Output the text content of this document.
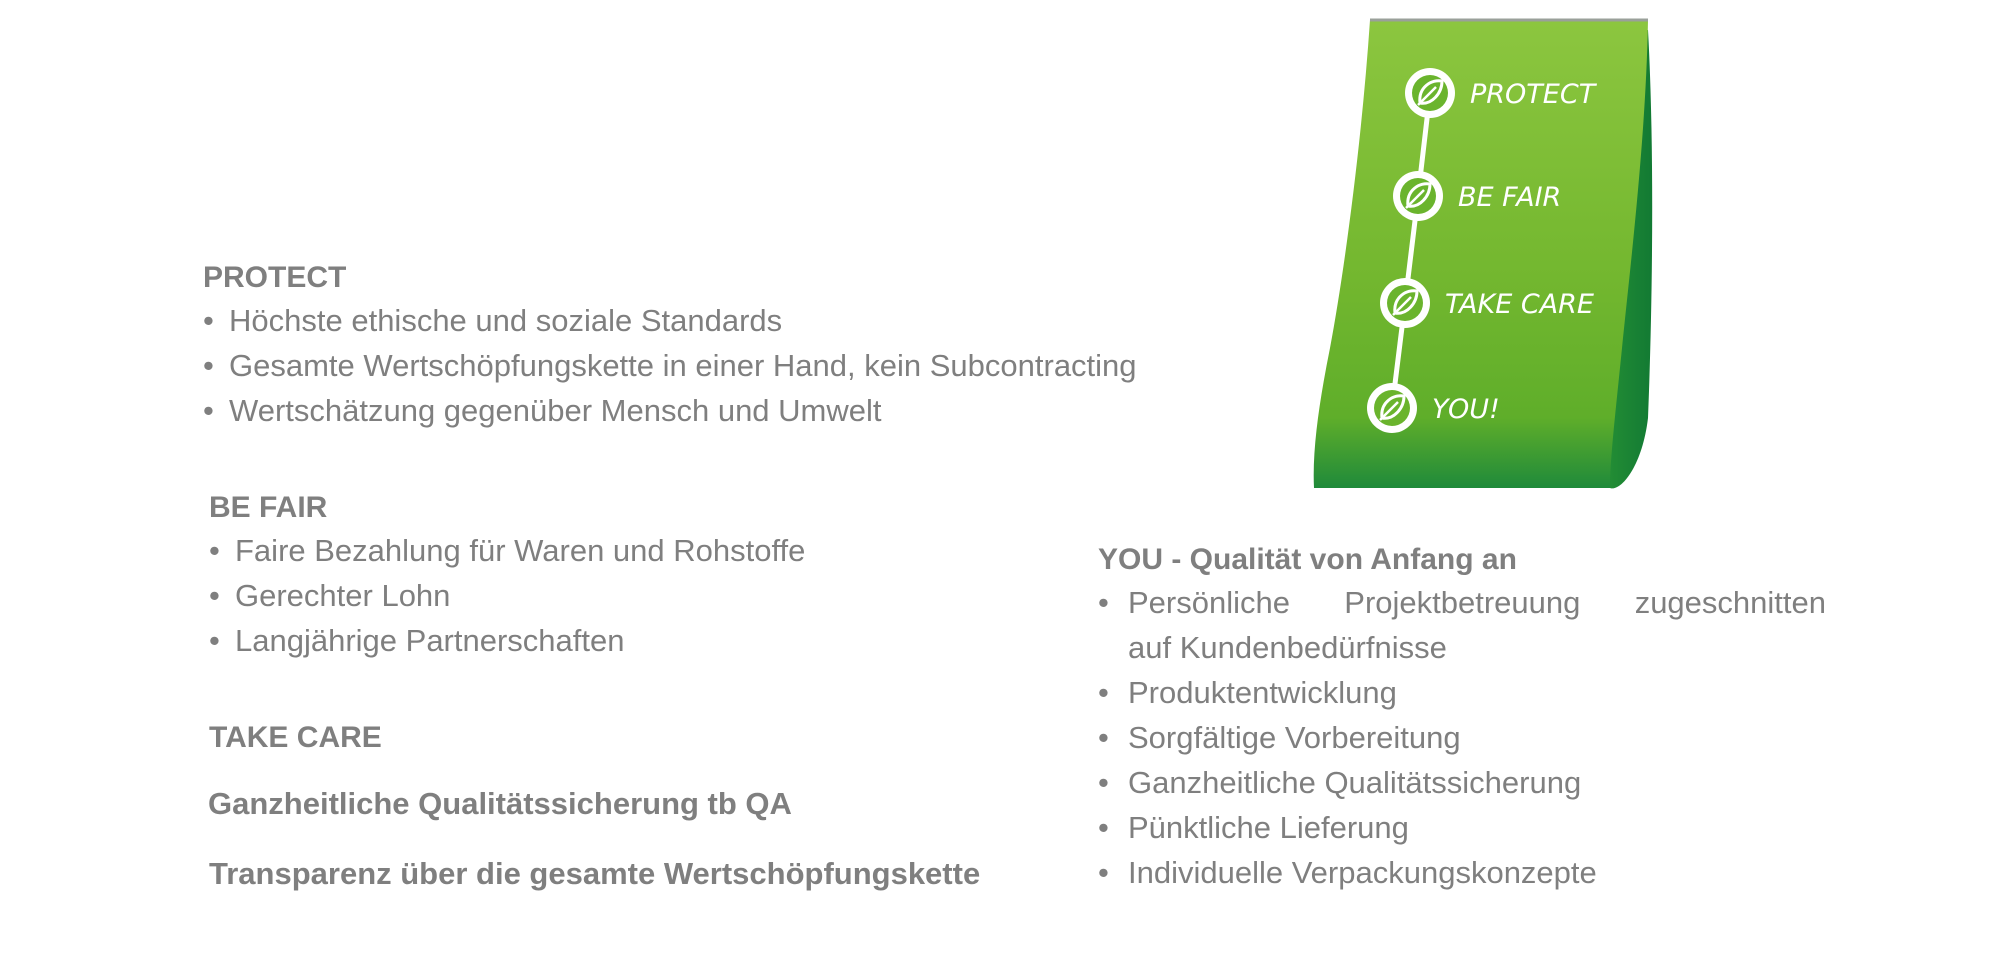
PROTECT
• Höchste ethische und soziale Standards
• Gesamte Wertschöpfungskette in einer Hand, kein Subcontracting
• Wertschätzung gegenüber Mensch und Umwelt
BE FAIR
• Faire Bezahlung für Waren und Rohstoffe
• Gerechter Lohn
• Langjährige Partnerschaften
TAKE CARE
Ganzheitliche Qualitätssicherung tb QA
Transparenz über die gesamte Wertschöpfungskette
YOU - Qualität von Anfang an
• Persönliche Projektbetreuung zugeschnitten
auf Kundenbedürfnisse
• Produktentwicklung
• Sorgfältige Vorbereitung
• Ganzheitliche Qualitätssicherung
• Pünktliche Lieferung
• Individuelle Verpackungskonzepte
PROTECT
BE FAIR
TAKE CARE
YOU!
